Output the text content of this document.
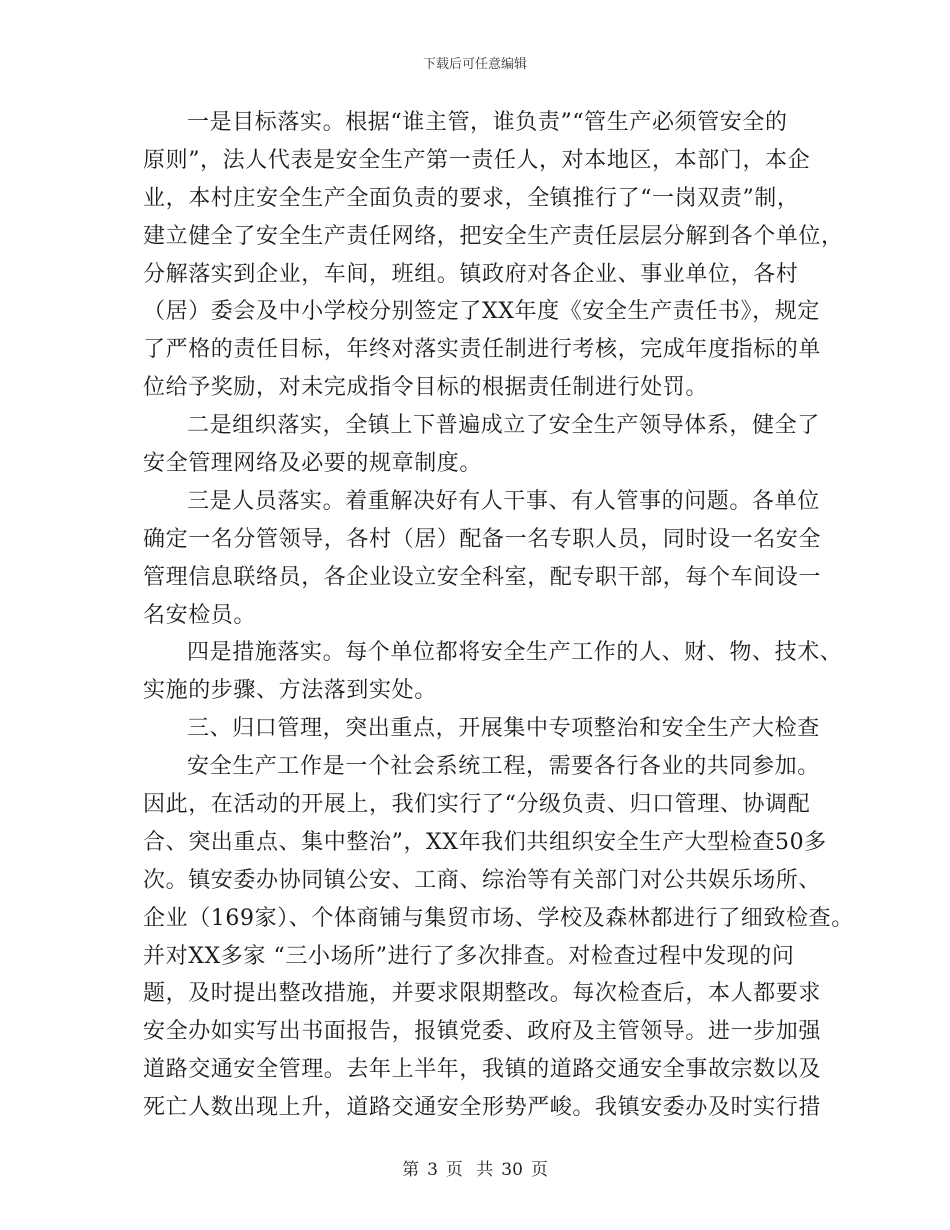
下载后可任意编辑
一是目标落实。根据“谁主管，谁负责”“管生产必须管安全的
原则”，法人代表是安全生产第一责任人，对本地区，本部门，本企
业，本村庄安全生产全面负责的要求，全镇推行了“一岗双责”制，
建立健全了安全生产责任网络，把安全生产责任层层分解到各个单位，
分解落实到企业，车间，班组。镇政府对各企业、事业单位，各村
（居）委会及中小学校分别签定了XX年度《安全生产责任书》，规定
了严格的责任目标，年终对落实责任制进行考核，完成年度指标的单
位给予奖励，对未完成指令目标的根据责任制进行处罚。
二是组织落实，全镇上下普遍成立了安全生产领导体系，健全了
安全管理网络及必要的规章制度。
三是人员落实。着重解决好有人干事、有人管事的问题。各单位
确定一名分管领导，各村（居）配备一名专职人员，同时设一名安全
管理信息联络员，各企业设立安全科室，配专职干部，每个车间设一
名安检员。
四是措施落实。每个单位都将安全生产工作的人、财、物、技术、
实施的步骤、方法落到实处。
三、归口管理，突出重点，开展集中专项整治和安全生产大检查
安全生产工作是一个社会系统工程，需要各行各业的共同参加。
因此，在活动的开展上，我们实行了“分级负责、归口管理、协调配
合、突出重点、集中整治”，XX年我们共组织安全生产大型检查50多
次。镇安委办协同镇公安、工商、综治等有关部门对公共娱乐场所、
企业（169家）、个体商铺与集贸市场、学校及森林都进行了细致检查。
并对XX多家 “三小场所”进行了多次排查。对检查过程中发现的问
题，及时提出整改措施，并要求限期整改。每次检查后，本人都要求
安全办如实写出书面报告，报镇党委、政府及主管领导。进一步加强
道路交通安全管理。去年上半年，我镇的道路交通安全事故宗数以及
死亡人数出现上升，道路交通安全形势严峻。我镇安委办及时实行措
第 3 页 共 30 页
